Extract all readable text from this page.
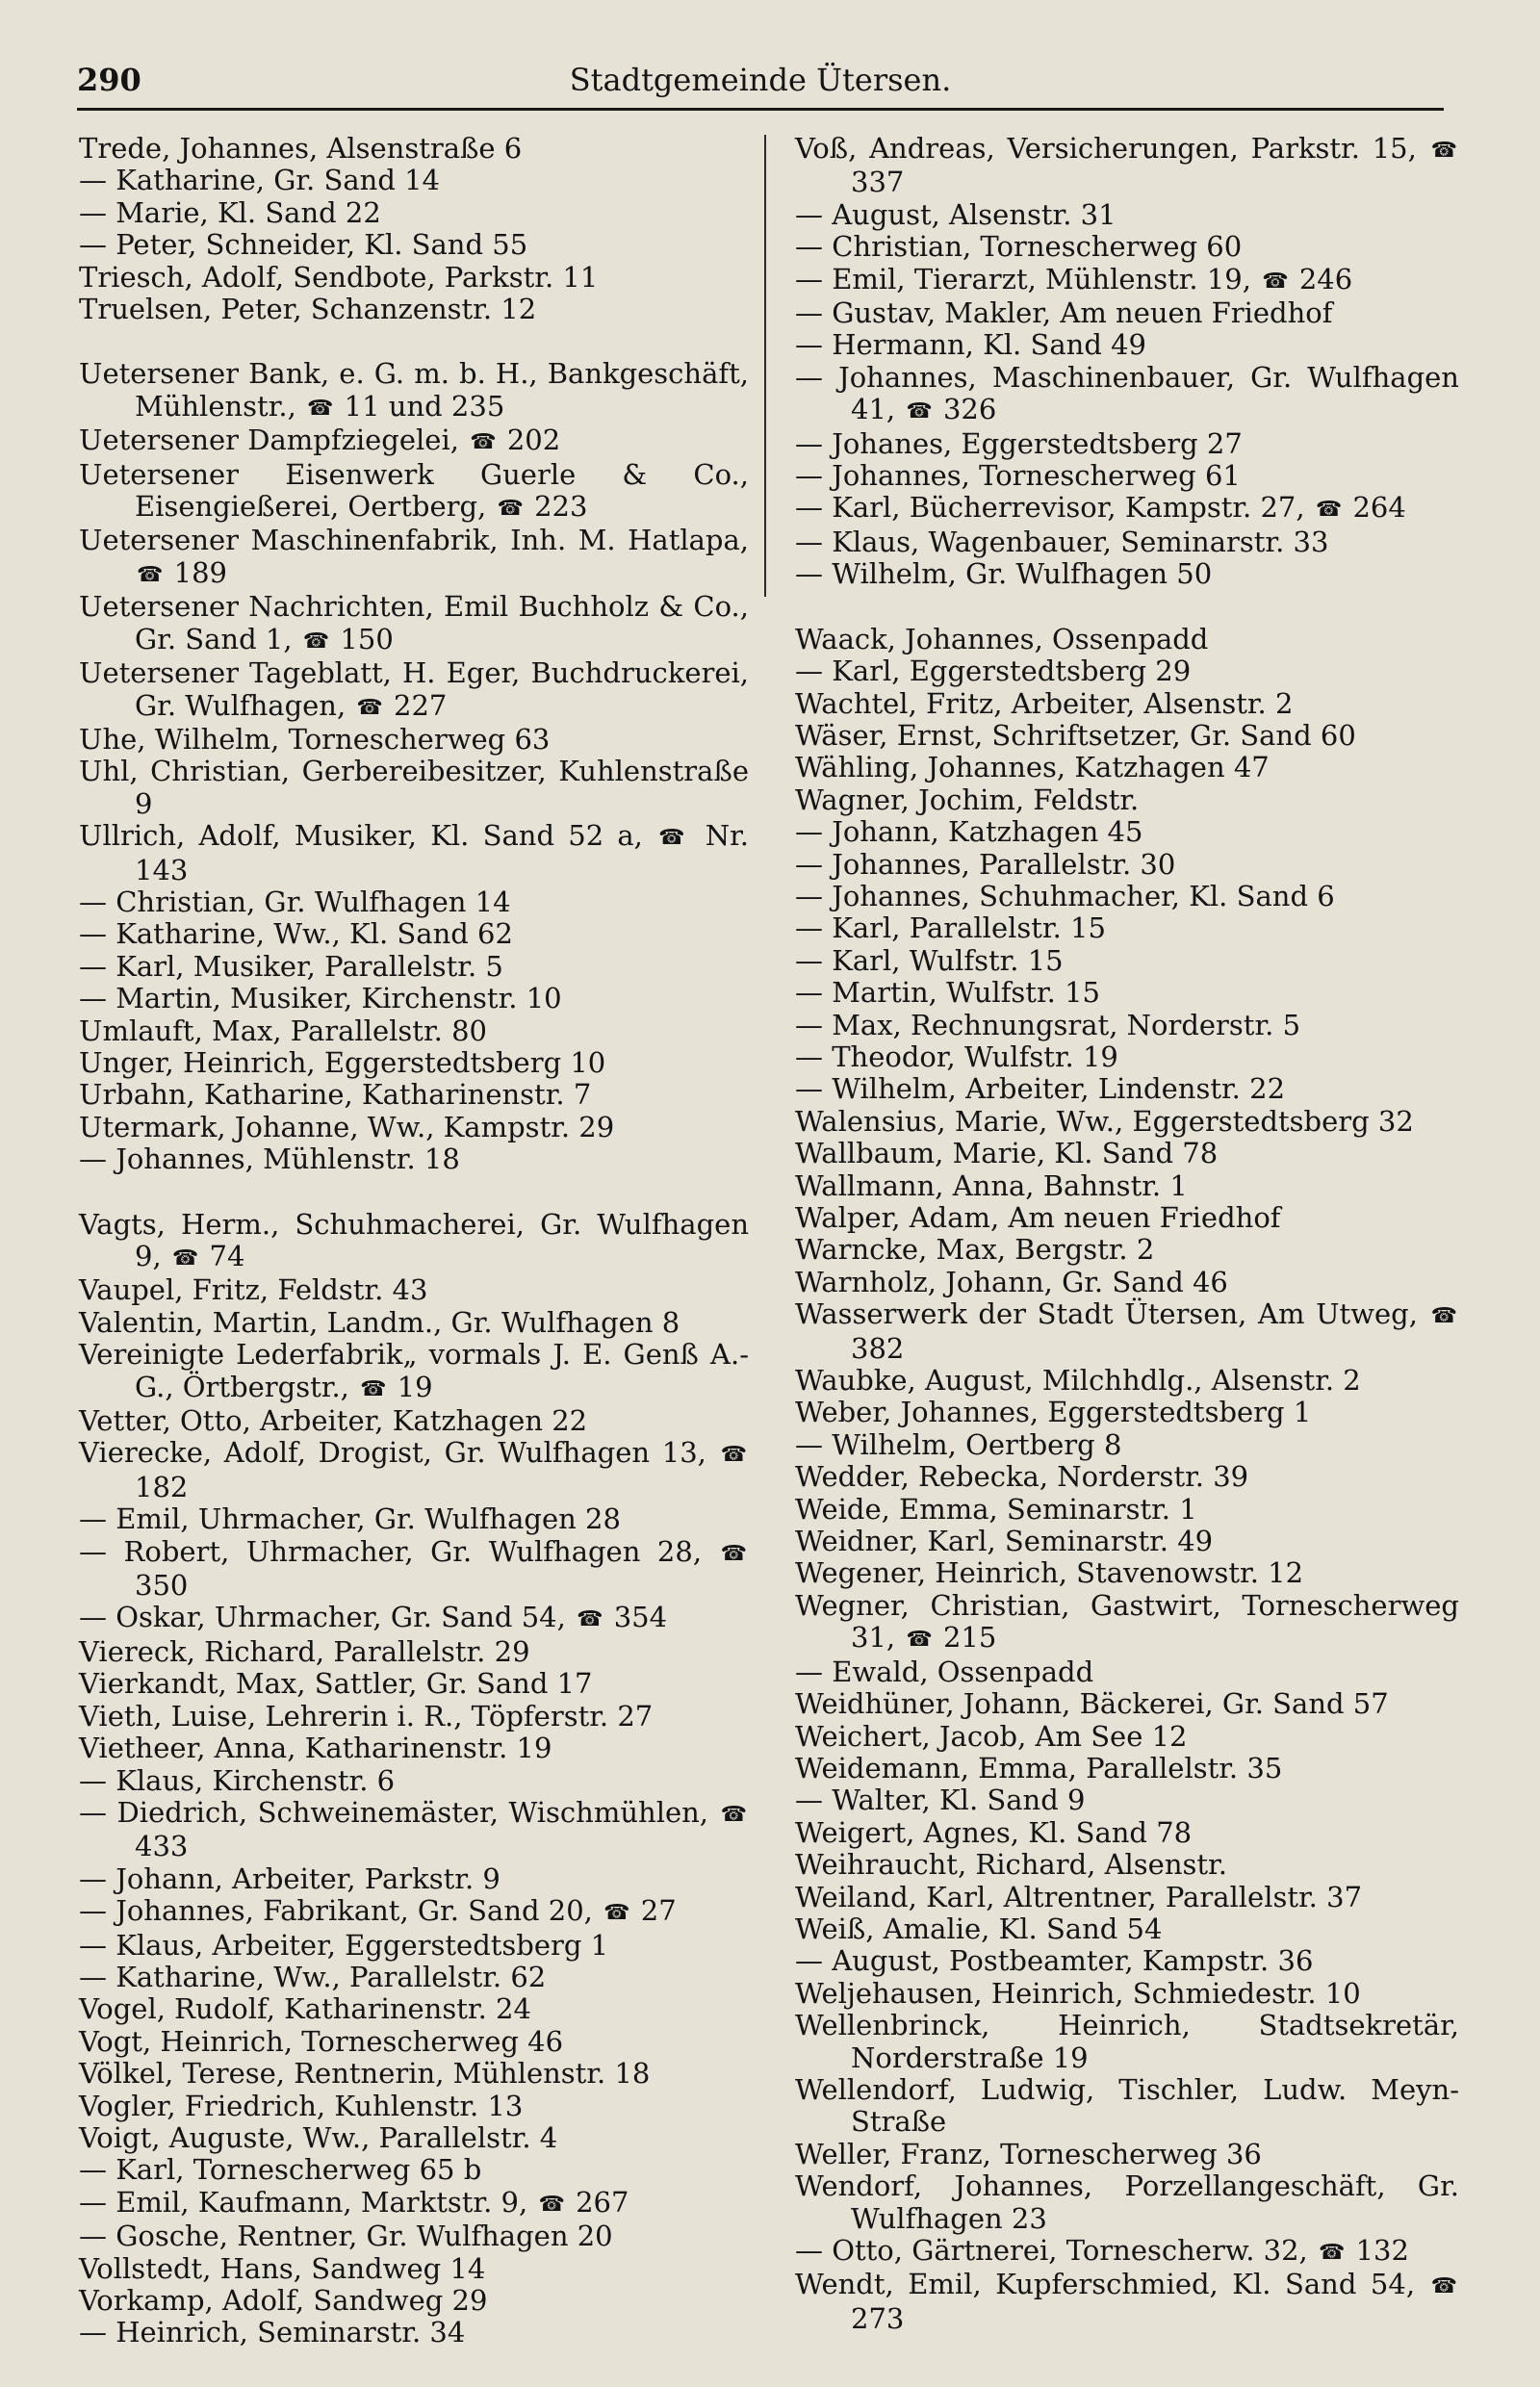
290	Stadtgemeinde Ütersen.
Trede, Johannes, Alsenstraße 6
— Katharine, Gr. Sand 14
— Marie, Kl. Sand 22
— Peter, Schneider, Kl. Sand 55
Triesch, Adolf, Sendbote, Parkstr. 11
Truelsen, Peter, Schanzenstr. 12
Uetersener Bank, e. G. m. b. H., Bankgeschäft, Mühlenstr., ☎ 11 und 235
Uetersener Dampfziegelei, ☎ 202
Uetersener Eisenwerk Guerle & Co., Eisengießerei, Oertberg, ☎ 223
Uetersener Maschinenfabrik, Inh. M. Hatlapa, ☎ 189
Uetersener Nachrichten, Emil Buchholz & Co., Gr. Sand 1, ☎ 150
Uetersener Tageblatt, H. Eger, Buchdruckerei, Gr. Wulfhagen, ☎ 227
Uhe, Wilhelm, Tornescherweg 63
Uhl, Christian, Gerbereibesitzer, Kuhlenstraße 9
Ullrich, Adolf, Musiker, Kl. Sand 52 a, ☎ Nr. 143
— Christian, Gr. Wulfhagen 14
— Katharine, Ww., Kl. Sand 62
— Karl, Musiker, Parallelstr. 5
— Martin, Musiker, Kirchenstr. 10
Umlauft, Max, Parallelstr. 80
Unger, Heinrich, Eggerstedtsberg 10
Urbahn, Katharine, Katharinenstr. 7
Utermark, Johanne, Ww., Kampstr. 29
— Johannes, Mühlenstr. 18
Vagts, Herm., Schuhmacherei, Gr. Wulfhagen 9, ☎ 74
Vaupel, Fritz, Feldstr. 43
Valentin, Martin, Landm., Gr. Wulfhagen 8
Vereinigte Lederfabrik„ vormals J. E. Genß A.-G., Örtbergstr., ☎ 19
Vetter, Otto, Arbeiter, Katzhagen 22
Vierecke, Adolf, Drogist, Gr. Wulfhagen 13, ☎ 182
— Emil, Uhrmacher, Gr. Wulfhagen 28
— Robert, Uhrmacher, Gr. Wulfhagen 28, ☎ 350
— Oskar, Uhrmacher, Gr. Sand 54, ☎ 354
Viereck, Richard, Parallelstr. 29
Vierkandt, Max, Sattler, Gr. Sand 17
Vieth, Luise, Lehrerin i. R., Töpferstr. 27
Vietheer, Anna, Katharinenstr. 19
— Klaus, Kirchenstr. 6
— Diedrich, Schweinemäster, Wischmühlen, ☎ 433
— Johann, Arbeiter, Parkstr. 9
— Johannes, Fabrikant, Gr. Sand 20, ☎ 27
— Klaus, Arbeiter, Eggerstedtsberg 1
— Katharine, Ww., Parallelstr. 62
Vogel, Rudolf, Katharinenstr. 24
Vogt, Heinrich, Tornescherweg 46
Völkel, Terese, Rentnerin, Mühlenstr. 18
Vogler, Friedrich, Kuhlenstr. 13
Voigt, Auguste, Ww., Parallelstr. 4
— Karl, Tornescherweg 65 b
— Emil, Kaufmann, Marktstr. 9, ☎ 267
— Gosche, Rentner, Gr. Wulfhagen 20
Vollstedt, Hans, Sandweg 14
Vorkamp, Adolf, Sandweg 29
— Heinrich, Seminarstr. 34
Voß, Andreas, Versicherungen, Parkstr. 15, ☎ 337
— August, Alsenstr. 31
— Christian, Tornescherweg 60
— Emil, Tierarzt, Mühlenstr. 19, ☎ 246
— Gustav, Makler, Am neuen Friedhof
— Hermann, Kl. Sand 49
— Johannes, Maschinenbauer, Gr. Wulfhagen 41, ☎ 326
— Johanes, Eggerstedtsberg 27
— Johannes, Tornescherweg 61
— Karl, Bücherrevisor, Kampstr. 27, ☎ 264
— Klaus, Wagenbauer, Seminarstr. 33
— Wilhelm, Gr. Wulfhagen 50
Waack, Johannes, Ossenpadd
— Karl, Eggerstedtsberg 29
Wachtel, Fritz, Arbeiter, Alsenstr. 2
Wäser, Ernst, Schriftsetzer, Gr. Sand 60
Wähling, Johannes, Katzhagen 47
Wagner, Jochim, Feldstr.
— Johann, Katzhagen 45
— Johannes, Parallelstr. 30
— Johannes, Schuhmacher, Kl. Sand 6
— Karl, Parallelstr. 15
— Karl, Wulfstr. 15
— Martin, Wulfstr. 15
— Max, Rechnungsrat, Norderstr. 5
— Theodor, Wulfstr. 19
— Wilhelm, Arbeiter, Lindenstr. 22
Walensius, Marie, Ww., Eggerstedtsberg 32
Wallbaum, Marie, Kl. Sand 78
Wallmann, Anna, Bahnstr. 1
Walper, Adam, Am neuen Friedhof
Warncke, Max, Bergstr. 2
Warnholz, Johann, Gr. Sand 46
Wasserwerk der Stadt Ütersen, Am Utweg, ☎ 382
Waubke, August, Milchhdlg., Alsenstr. 2
Weber, Johannes, Eggerstedtsberg 1
— Wilhelm, Oertberg 8
Wedder, Rebecka, Norderstr. 39
Weide, Emma, Seminarstr. 1
Weidner, Karl, Seminarstr. 49
Wegener, Heinrich, Stavenowstr. 12
Wegner, Christian, Gastwirt, Tornescherweg 31, ☎ 215
— Ewald, Ossenpadd
Weidhüner, Johann, Bäckerei, Gr. Sand 57
Weichert, Jacob, Am See 12
Weidemann, Emma, Parallelstr. 35
— Walter, Kl. Sand 9
Weigert, Agnes, Kl. Sand 78
Weihraucht, Richard, Alsenstr.
Weiland, Karl, Altrentner, Parallelstr. 37
Weiß, Amalie, Kl. Sand 54
— August, Postbeamter, Kampstr. 36
Weljehausen, Heinrich, Schmiedestr. 10
Wellenbrinck, Heinrich, Stadtsekretär, Norderstraße 19
Wellendorf, Ludwig, Tischler, Ludw. Meyn-Straße
Weller, Franz, Tornescherweg 36
Wendorf, Johannes, Porzellangeschäft, Gr. Wulfhagen 23
— Otto, Gärtnerei, Tornescherw. 32, ☎ 132
Wendt, Emil, Kupferschmied, Kl. Sand 54, ☎ 273
